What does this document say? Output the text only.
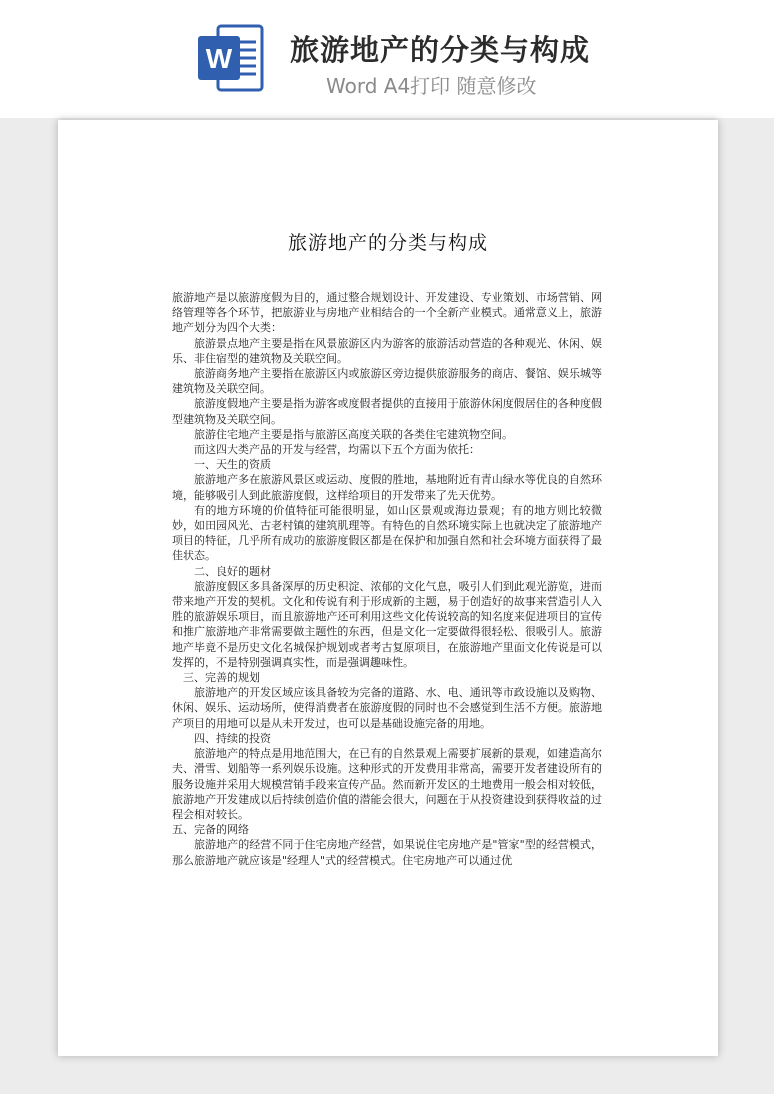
W 旅游地产的分类与构成
Word A4打印 随意修改
旅游地产的分类与构成

旅游地产是以旅游度假为目的，通过整合规划设计、开发建设、专业策划、市场营销、网络管理等各个环节，把旅游业与房地产业相结合的一个全新产业模式。通常意义上，旅游地产划分为四个大类：

旅游景点地产主要是指在风景旅游区内为游客的旅游活动营造的各种观光、休闲、娱乐、非住宿型的建筑物及关联空间。

旅游商务地产主要指在旅游区内或旅游区旁边提供旅游服务的商店、餐馆、娱乐城等建筑物及关联空间。

旅游度假地产主要是指为游客或度假者提供的直接用于旅游休闲度假居住的各种度假型建筑物及关联空间。

旅游住宅地产主要是指与旅游区高度关联的各类住宅建筑物空间。

而这四大类产品的开发与经营，均需以下五个方面为依托：

一、天生的资质

旅游地产多在旅游风景区或运动、度假的胜地，基地附近有青山绿水等优良的自然环境，能够吸引人到此旅游度假，这样给项目的开发带来了先天优势。

有的地方环境的价值特征可能很明显，如山区景观或海边景观；有的地方则比较微妙，如田园风光、古老村镇的建筑肌理等。有特色的自然环境实际上也就决定了旅游地产项目的特征，几乎所有成功的旅游度假区都是在保护和加强自然和社会环境方面获得了最佳状态。

二、良好的题材

旅游度假区多具备深厚的历史积淀、浓郁的文化气息，吸引人们到此观光游览，进而带来地产开发的契机。文化和传说有利于形成新的主题，易于创造好的故事来营造引人入胜的旅游娱乐项目，而且旅游地产还可利用这些文化传说较高的知名度来促进项目的宣传和推广旅游地产非常需要做主题性的东西，但是文化一定要做得很轻松、很吸引人。旅游地产毕竟不是历史文化名城保护规划或者考古复原项目，在旅游地产里面文化传说是可以发挥的，不是特别强调真实性，而是强调趣味性。

三、完善的规划

旅游地产的开发区域应该具备较为完备的道路、水、电、通讯等市政设施以及购物、休闲、娱乐、运动场所，使得消费者在旅游度假的同时也不会感觉到生活不方便。旅游地产项目的用地可以是从未开发过，也可以是基础设施完备的用地。

四、持续的投资

旅游地产的特点是用地范围大，在已有的自然景观上需要扩展新的景观，如建造高尔夫、滑雪、划船等一系列娱乐设施。这种形式的开发费用非常高，需要开发者建设所有的服务设施并采用大规模营销手段来宣传产品。然而新开发区的土地费用一般会相对较低，旅游地产开发建成以后持续创造价值的潜能会很大，问题在于从投资建设到获得收益的过程会相对较长。

五、完备的网络

旅游地产的经营不同于住宅房地产经营，如果说住宅房地产是"管家"型的经营模式，那么旅游地产就应该是"经理人"式的经营模式。住宅房地产可以通过优
